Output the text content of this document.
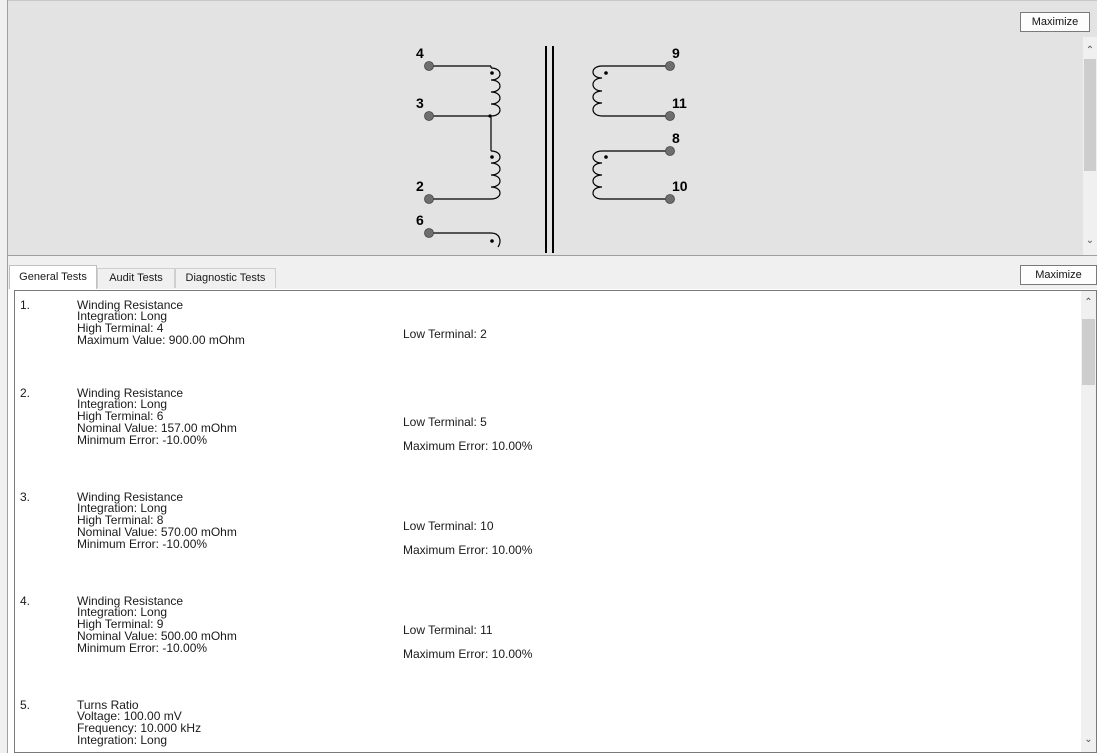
Maximize
⌃
⌄
4
3
2
6
9
11
8
10
General Tests	Audit Tests	Diagnostic Tests	Maximize
1.	Winding Resistance
Integration: Long
High Terminal: 4	Low Terminal: 2
Maximum Value: 900.00 mOhm
2.	Winding Resistance
Integration: Long
High Terminal: 6	Low Terminal: 5
Nominal Value: 157.00 mOhm
Minimum Error: -10.00%	Maximum Error: 10.00%
3.	Winding Resistance
Integration: Long
High Terminal: 8	Low Terminal: 10
Nominal Value: 570.00 mOhm
Minimum Error: -10.00%	Maximum Error: 10.00%
4.	Winding Resistance
Integration: Long
High Terminal: 9	Low Terminal: 11
Nominal Value: 500.00 mOhm
Minimum Error: -10.00%	Maximum Error: 10.00%
5.	Turns Ratio
Voltage: 100.00 mV
Frequency: 10.000 kHz
Integration: Long
⌃
⌄
